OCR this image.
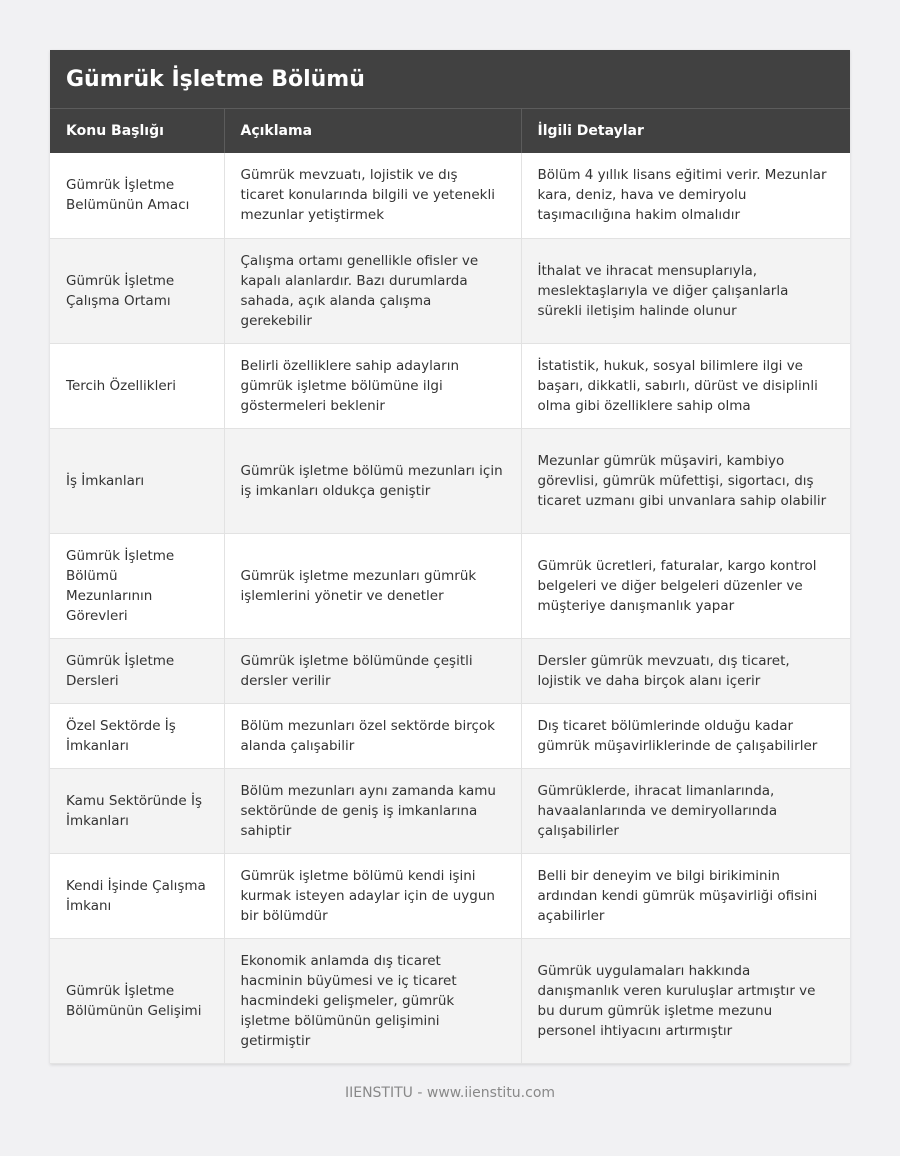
Gümrük İşletme Bölümü
Konu Başlığı	Açıklama	İlgili Detaylar
Gümrük İşletme Belümünün Amacı	Gümrük mevzuatı, lojistik ve dış ticaret konularında bilgili ve yetenekli mezunlar yetiştirmek	Bölüm 4 yıllık lisans eğitimi verir. Mezunlar kara, deniz, hava ve demiryolu taşımacılığına hakim olmalıdır
Gümrük İşletme Çalışma Ortamı	Çalışma ortamı genellikle ofisler ve kapalı alanlardır. Bazı durumlarda sahada, açık alanda çalışma gerekebilir	İthalat ve ihracat mensuplarıyla, meslektaşlarıyla ve diğer çalışanlarla sürekli iletişim halinde olunur
Tercih Özellikleri	Belirli özelliklere sahip adayların gümrük işletme bölümüne ilgi göstermeleri beklenir	İstatistik, hukuk, sosyal bilimlere ilgi ve başarı, dikkatli, sabırlı, dürüst ve disiplinli olma gibi özelliklere sahip olma
İş İmkanları	Gümrük işletme bölümü mezunları için iş imkanları oldukça geniştir	Mezunlar gümrük müşaviri, kambiyo görevlisi, gümrük müfettişi, sigortacı, dış ticaret uzmanı gibi unvanlara sahip olabilir
Gümrük İşletme Bölümü Mezunlarının Görevleri	Gümrük işletme mezunları gümrük işlemlerini yönetir ve denetler	Gümrük ücretleri, faturalar, kargo kontrol belgeleri ve diğer belgeleri düzenler ve müşteriye danışmanlık yapar
Gümrük İşletme Dersleri	Gümrük işletme bölümünde çeşitli dersler verilir	Dersler gümrük mevzuatı, dış ticaret, lojistik ve daha birçok alanı içerir
Özel Sektörde İş İmkanları	Bölüm mezunları özel sektörde birçok alanda çalışabilir	Dış ticaret bölümlerinde olduğu kadar gümrük müşavirliklerinde de çalışabilirler
Kamu Sektöründe İş İmkanları	Bölüm mezunları aynı zamanda kamu sektöründe de geniş iş imkanlarına sahiptir	Gümrüklerde, ihracat limanlarında, havaalanlarında ve demiryollarında çalışabilirler
Kendi İşinde Çalışma İmkanı	Gümrük işletme bölümü kendi işini kurmak isteyen adaylar için de uygun bir bölümdür	Belli bir deneyim ve bilgi birikiminin ardından kendi gümrük müşavirliği ofisini açabilirler
Gümrük İşletme Bölümünün Gelişimi	Ekonomik anlamda dış ticaret hacminin büyümesi ve iç ticaret hacmindeki gelişmeler, gümrük işletme bölümünün gelişimini getirmiştir	Gümrük uygulamaları hakkında danışmanlık veren kuruluşlar artmıştır ve bu durum gümrük işletme mezunu personel ihtiyacını artırmıştır
IIENSTITU - www.iienstitu.com
